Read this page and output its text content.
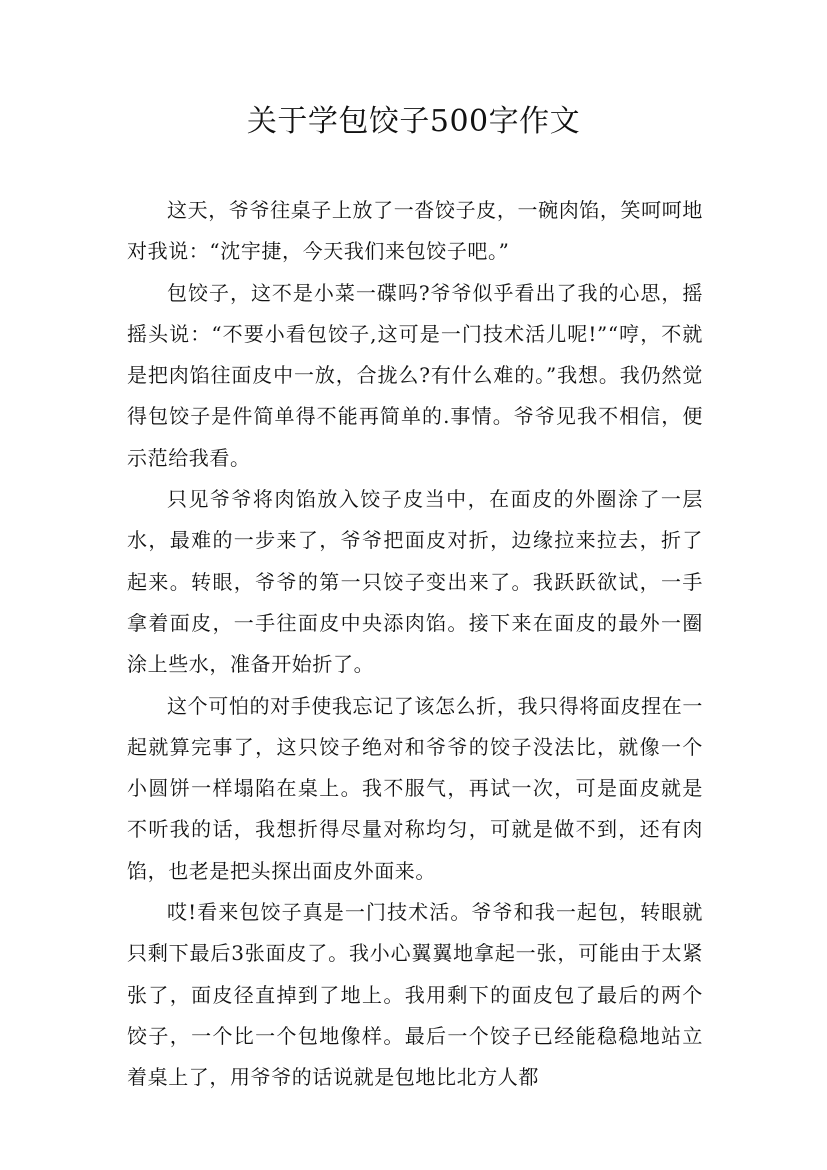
关于学包饺子500字作文

这天，爷爷往桌子上放了一沓饺子皮，一碗肉馅，笑呵呵地对我说：“沈宇捷，今天我们来包饺子吧。”

包饺子，这不是小菜一碟吗?爷爷似乎看出了我的心思，摇摇头说：“不要小看包饺子,这可是一门技术活儿呢!”“哼，不就是把肉馅往面皮中一放，合拢么?有什么难的。”我想。我仍然觉得包饺子是件简单得不能再简单的.事情。爷爷见我不相信，便示范给我看。

只见爷爷将肉馅放入饺子皮当中，在面皮的外圈涂了一层水，最难的一步来了，爷爷把面皮对折，边缘拉来拉去，折了起来。转眼，爷爷的第一只饺子变出来了。我跃跃欲试，一手拿着面皮，一手往面皮中央添肉馅。接下来在面皮的最外一圈涂上些水，准备开始折了。

这个可怕的对手使我忘记了该怎么折，我只得将面皮捏在一起就算完事了，这只饺子绝对和爷爷的饺子没法比，就像一个小圆饼一样塌陷在桌上。我不服气，再试一次，可是面皮就是不听我的话，我想折得尽量对称均匀，可就是做不到，还有肉馅，也老是把头探出面皮外面来。

哎!看来包饺子真是一门技术活。爷爷和我一起包，转眼就只剩下最后3张面皮了。我小心翼翼地拿起一张，可能由于太紧张了，面皮径直掉到了地上。我用剩下的面皮包了最后的两个饺子，一个比一个包地像样。最后一个饺子已经能稳稳地站立着桌上了，用爷爷的话说就是包地比北方人都
